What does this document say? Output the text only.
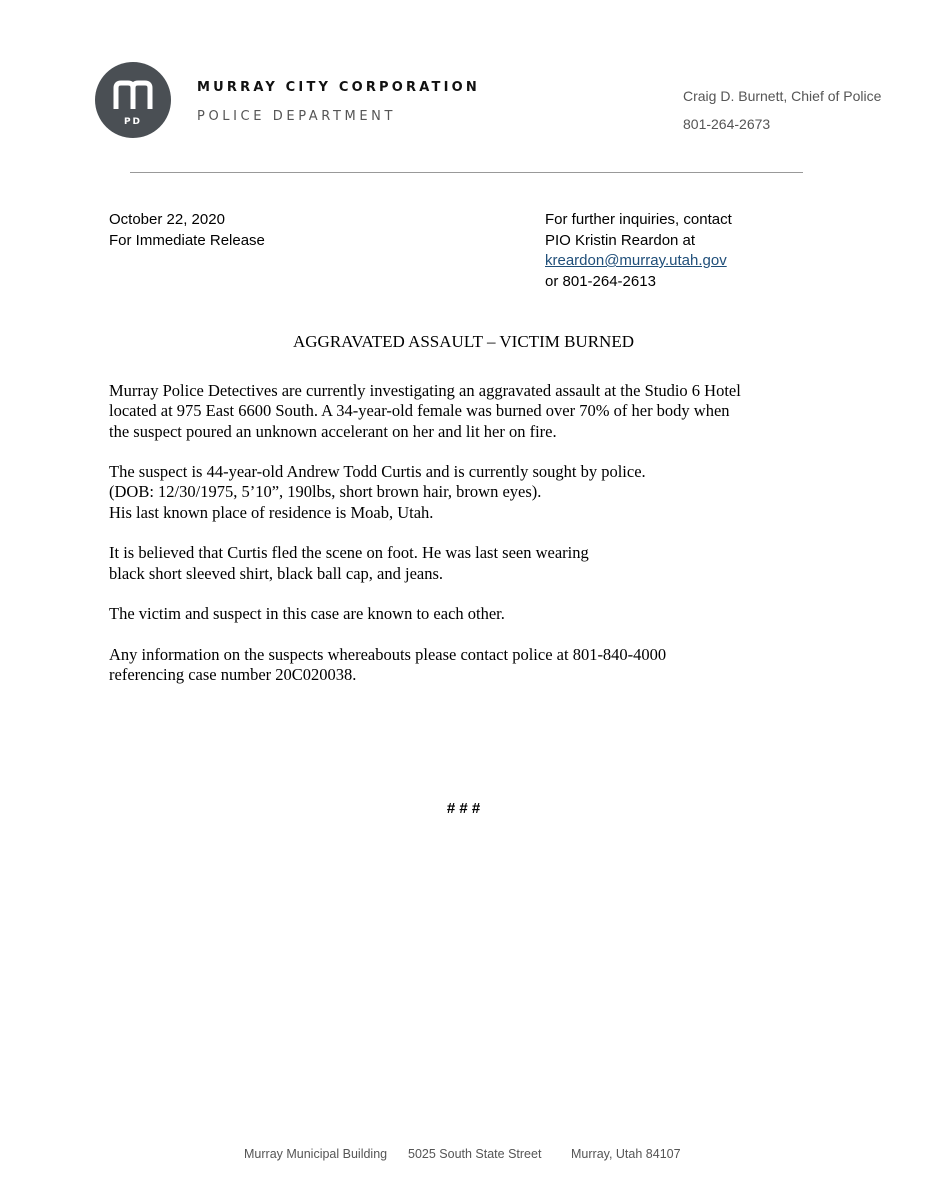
PD
MURRAY CITY CORPORATION
POLICE DEPARTMENT
Craig D. Burnett, Chief of Police
801-264-2673
October 22, 2020
For Immediate Release
For further inquiries, contact
PIO Kristin Reardon at
kreardon@murray.utah.gov
or 801-264-2613
AGGRAVATED ASSAULT – VICTIM BURNED

Murray Police Detectives are currently investigating an aggravated assault at the Studio 6 Hotel
located at 975 East 6600 South. A 34-year-old female was burned over 70% of her body when
the suspect poured an unknown accelerant on her and lit her on fire.

The suspect is 44-year-old Andrew Todd Curtis and is currently sought by police.
(DOB: 12/30/1975, 5’10”, 190lbs, short brown hair, brown eyes).
His last known place of residence is Moab, Utah.

It is believed that Curtis fled the scene on foot. He was last seen wearing
black short sleeved shirt, black ball cap, and jeans.

The victim and suspect in this case are known to each other.

Any information on the suspects whereabouts please contact police at 801-840-4000
referencing case number 20C020038.

# # #
Murray Municipal Building 5025 South State Street Murray, Utah 84107
